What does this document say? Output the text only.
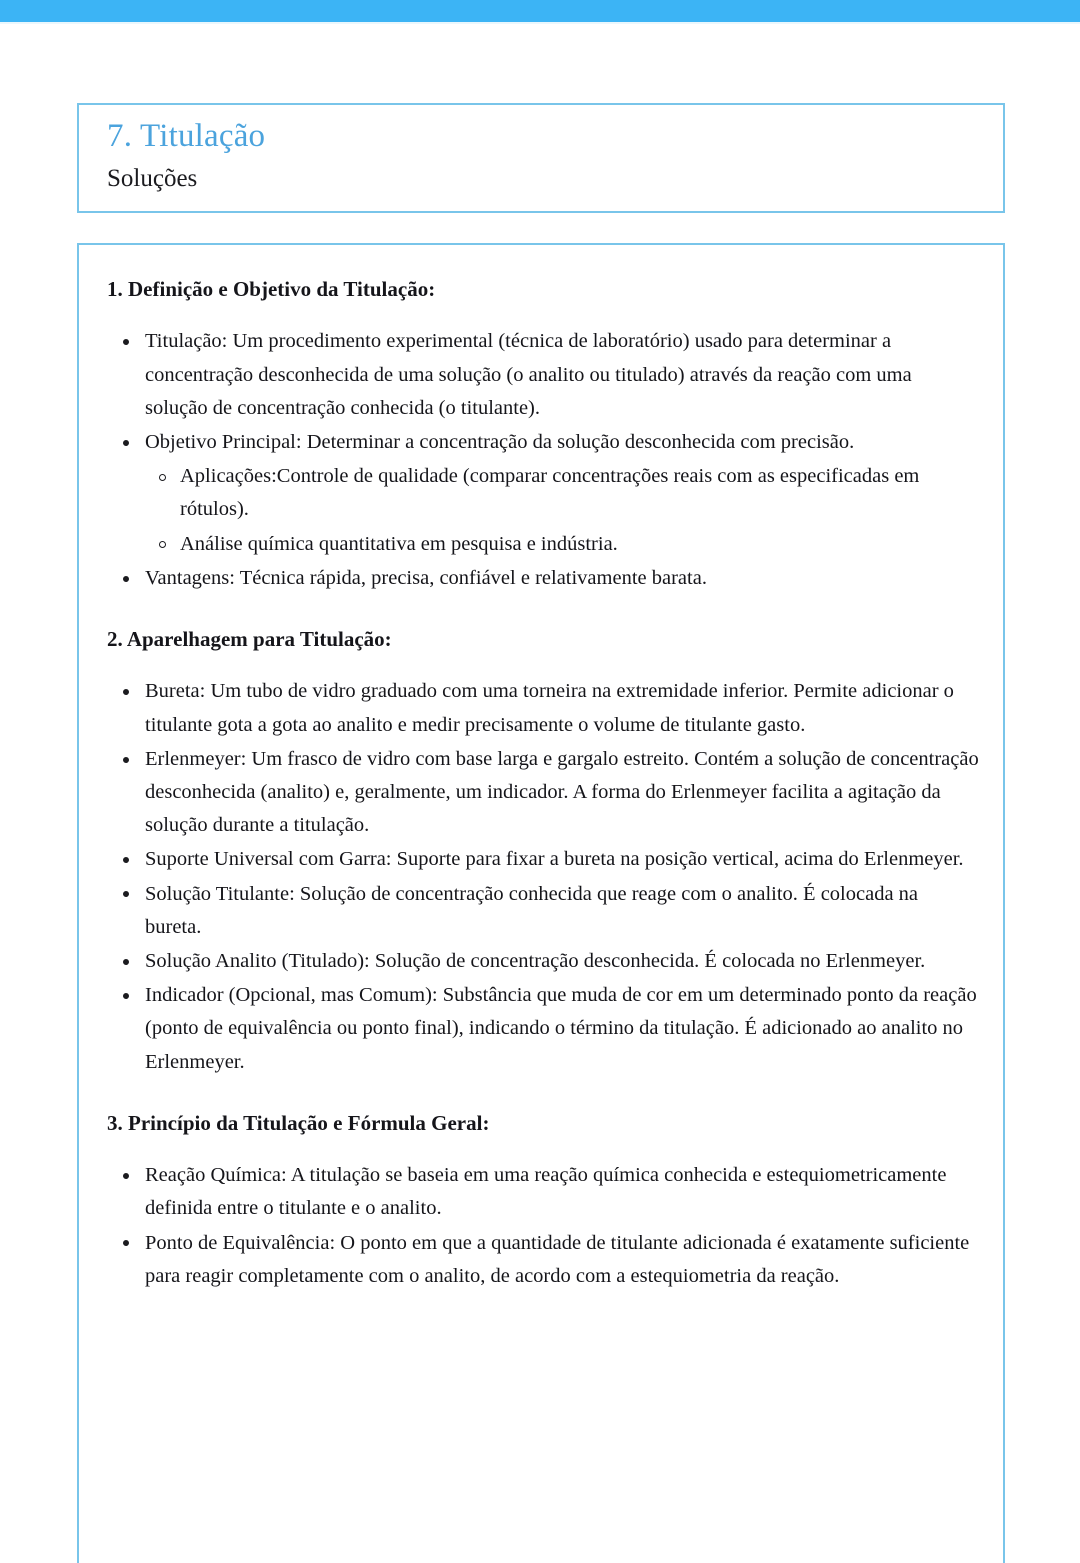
7. Titulação
Soluções
1. Definição e Objetivo da Titulação:
Titulação: Um procedimento experimental (técnica de laboratório) usado para determinar a concentração desconhecida de uma solução (o analito ou titulado) através da reação com uma solução de concentração conhecida (o titulante).
Objetivo Principal: Determinar a concentração da solução desconhecida com precisão.
Aplicações:Controle de qualidade (comparar concentrações reais com as especificadas em rótulos).
Análise química quantitativa em pesquisa e indústria.
Vantagens: Técnica rápida, precisa, confiável e relativamente barata.
2. Aparelhagem para Titulação:
Bureta: Um tubo de vidro graduado com uma torneira na extremidade inferior. Permite adicionar o titulante gota a gota ao analito e medir precisamente o volume de titulante gasto.
Erlenmeyer: Um frasco de vidro com base larga e gargalo estreito. Contém a solução de concentração desconhecida (analito) e, geralmente, um indicador. A forma do Erlenmeyer facilita a agitação da solução durante a titulação.
Suporte Universal com Garra: Suporte para fixar a bureta na posição vertical, acima do Erlenmeyer.
Solução Titulante: Solução de concentração conhecida que reage com o analito. É colocada na bureta.
Solução Analito (Titulado): Solução de concentração desconhecida. É colocada no Erlenmeyer.
Indicador (Opcional, mas Comum): Substância que muda de cor em um determinado ponto da reação (ponto de equivalência ou ponto final), indicando o término da titulação. É adicionado ao analito no Erlenmeyer.
3. Princípio da Titulação e Fórmula Geral:
Reação Química: A titulação se baseia em uma reação química conhecida e estequiometricamente definida entre o titulante e o analito.
Ponto de Equivalência: O ponto em que a quantidade de titulante adicionada é exatamente suficiente para reagir completamente com o analito, de acordo com a estequiometria da reação.
